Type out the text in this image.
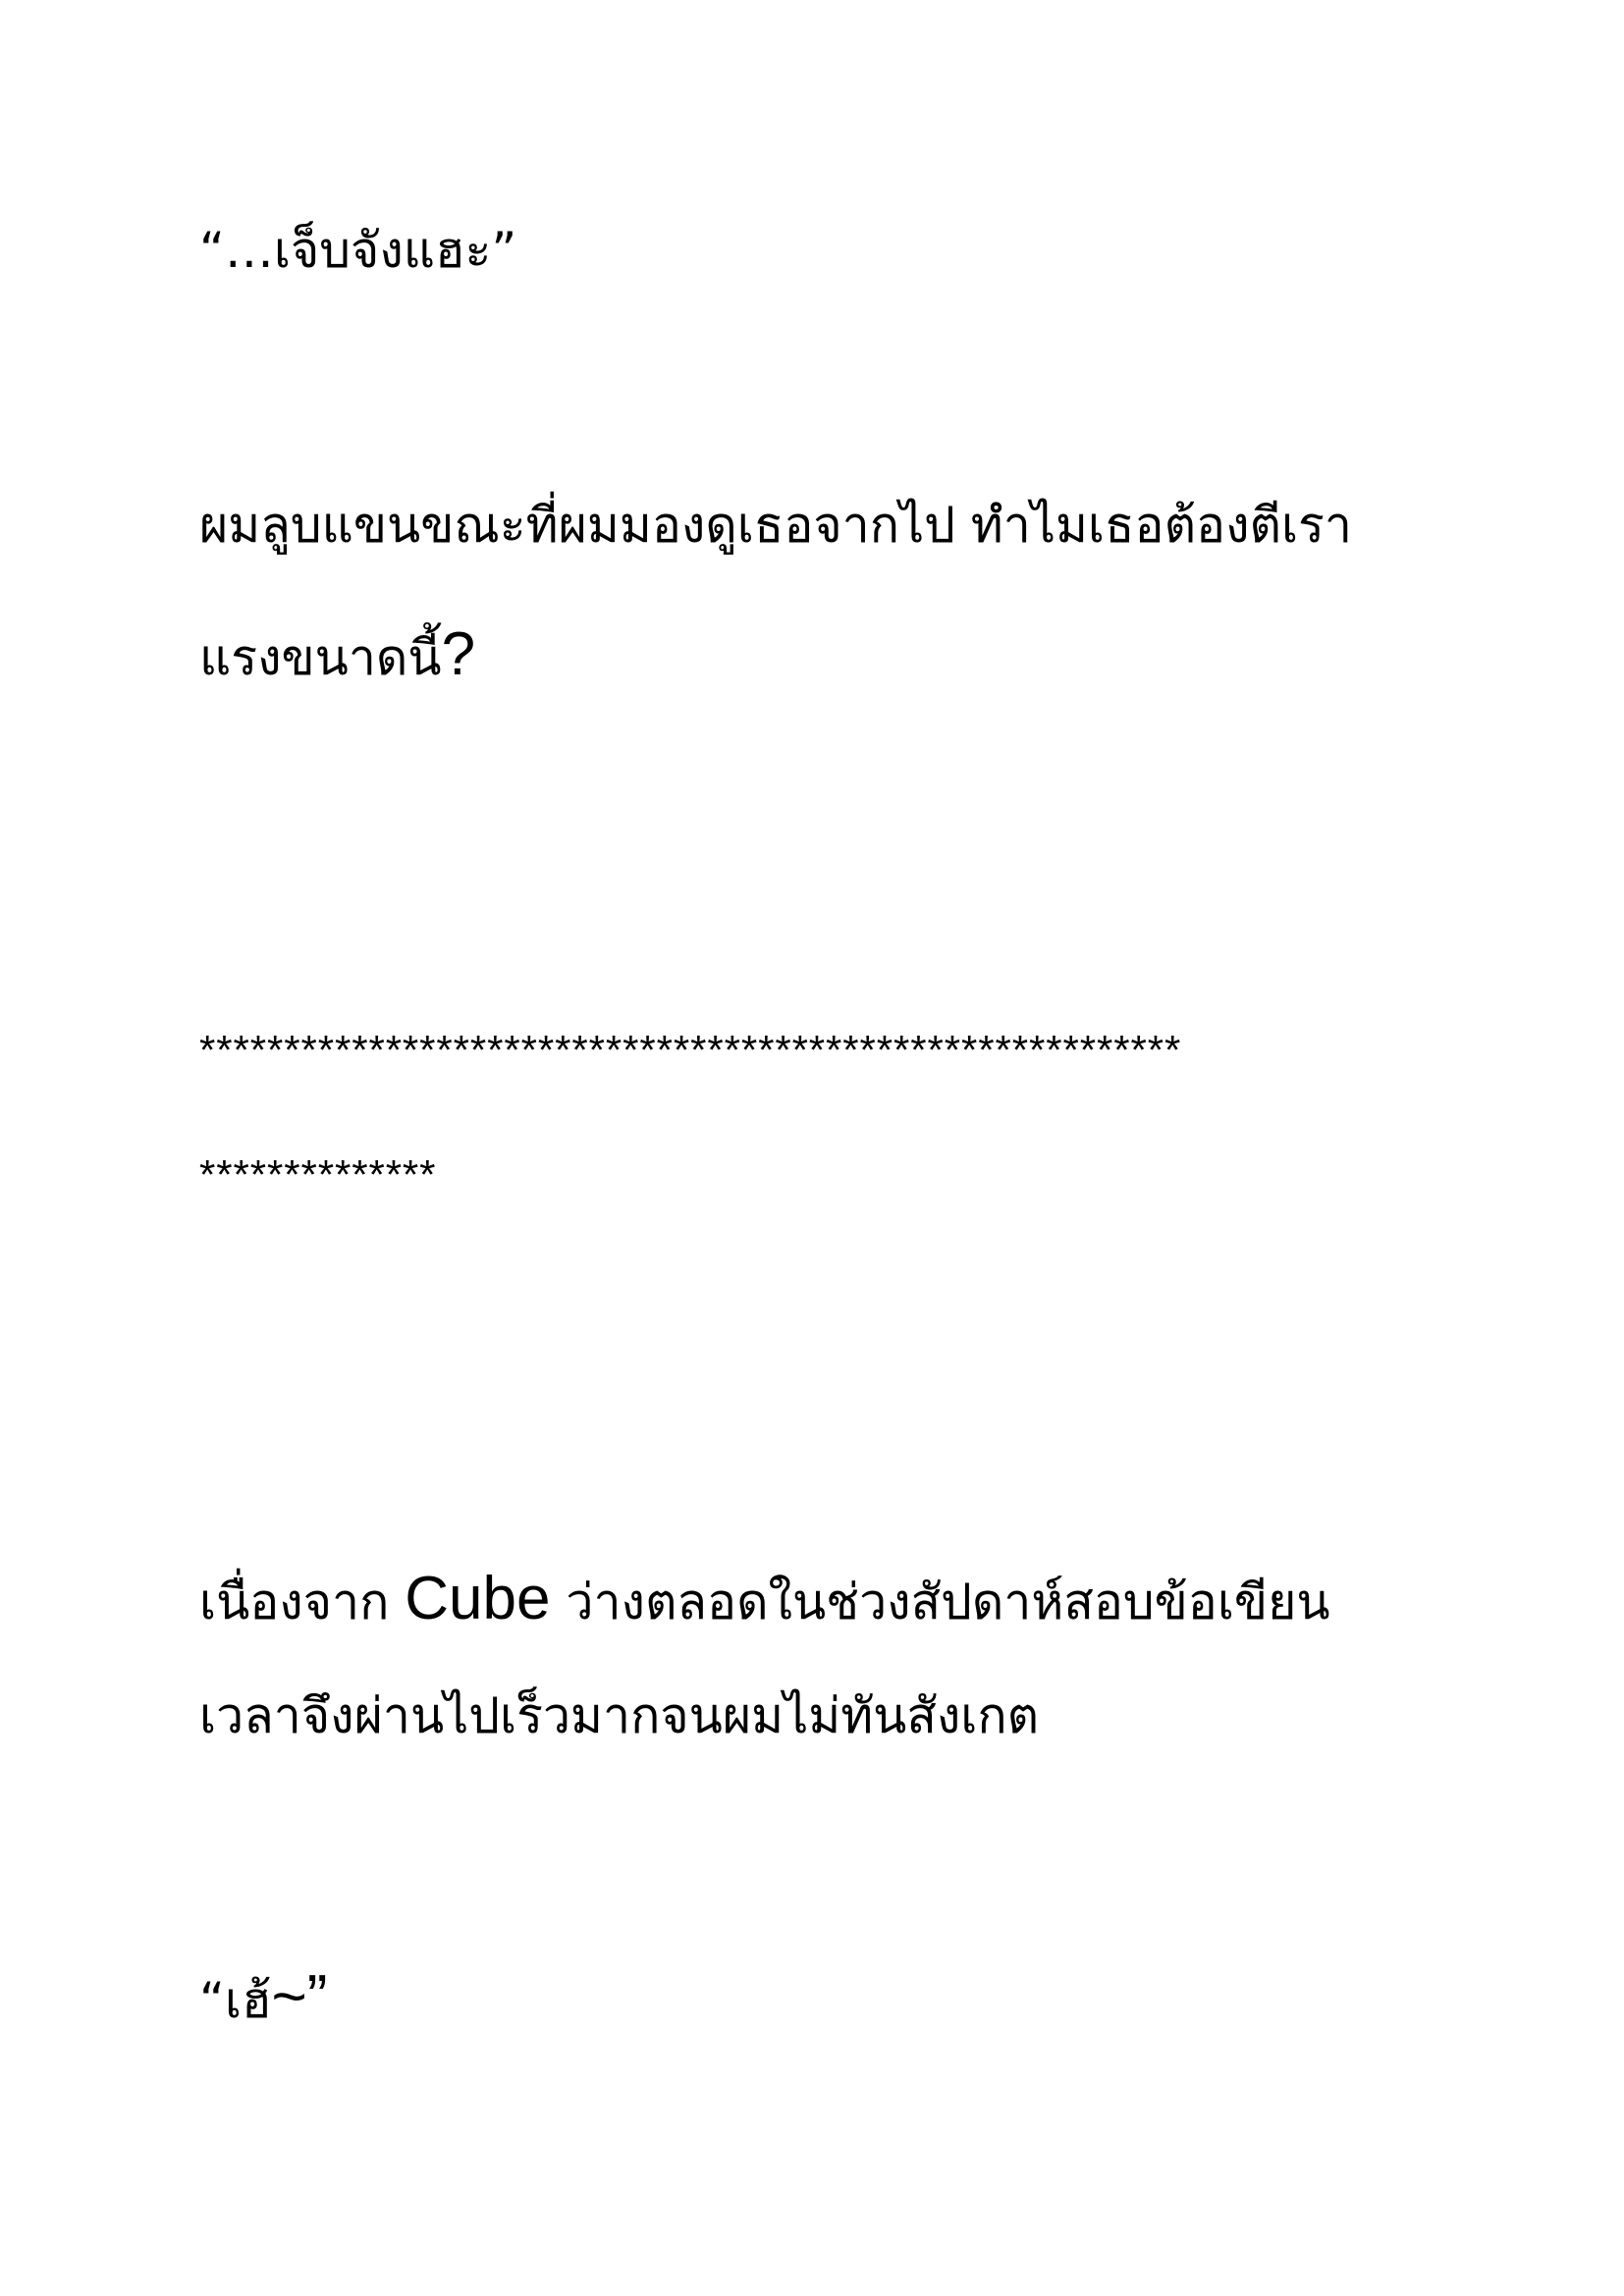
“…เจ็บจังแฮะ”
ผมลูบแขนขณะที่ผมมองดูเธอจากไป ทำไมเธอต้องตีเรา
แรงขนาดนี้?
**********************************************************
**************
เนื่องจาก Cube ว่างตลอดในช่วงสัปดาห์สอบข้อเขียน
เวลาจึงผ่านไปเร็วมากจนผมไม่ทันสังเกต
“เฮ้~”
